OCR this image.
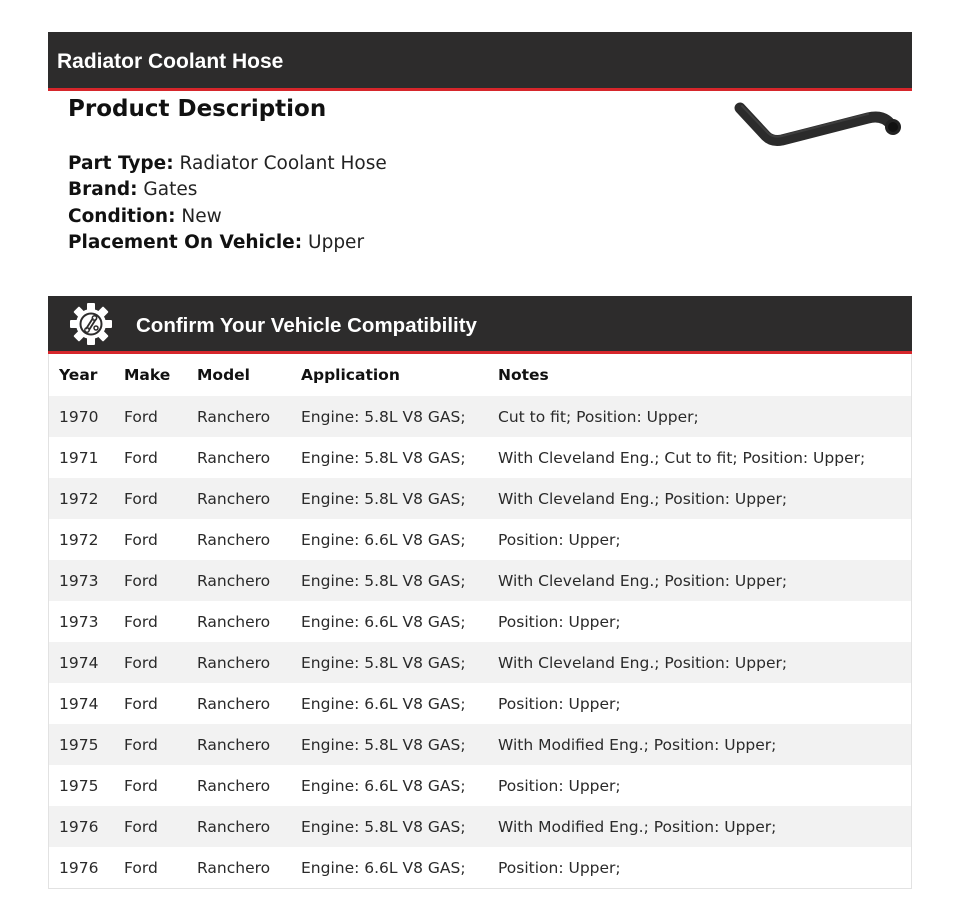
Radiator Coolant Hose
Product Description
Part Type: Radiator Coolant Hose
Brand: Gates
Condition: New
Placement On Vehicle: Upper
Confirm Your Vehicle Compatibility
Year	Make	Model	Application	Notes
1970	Ford	Ranchero	Engine: 5.8L V8 GAS;	Cut to fit; Position: Upper;
1971	Ford	Ranchero	Engine: 5.8L V8 GAS;	With Cleveland Eng.; Cut to fit; Position: Upper;
1972	Ford	Ranchero	Engine: 5.8L V8 GAS;	With Cleveland Eng.; Position: Upper;
1972	Ford	Ranchero	Engine: 6.6L V8 GAS;	Position: Upper;
1973	Ford	Ranchero	Engine: 5.8L V8 GAS;	With Cleveland Eng.; Position: Upper;
1973	Ford	Ranchero	Engine: 6.6L V8 GAS;	Position: Upper;
1974	Ford	Ranchero	Engine: 5.8L V8 GAS;	With Cleveland Eng.; Position: Upper;
1974	Ford	Ranchero	Engine: 6.6L V8 GAS;	Position: Upper;
1975	Ford	Ranchero	Engine: 5.8L V8 GAS;	With Modified Eng.; Position: Upper;
1975	Ford	Ranchero	Engine: 6.6L V8 GAS;	Position: Upper;
1976	Ford	Ranchero	Engine: 5.8L V8 GAS;	With Modified Eng.; Position: Upper;
1976	Ford	Ranchero	Engine: 6.6L V8 GAS;	Position: Upper;
